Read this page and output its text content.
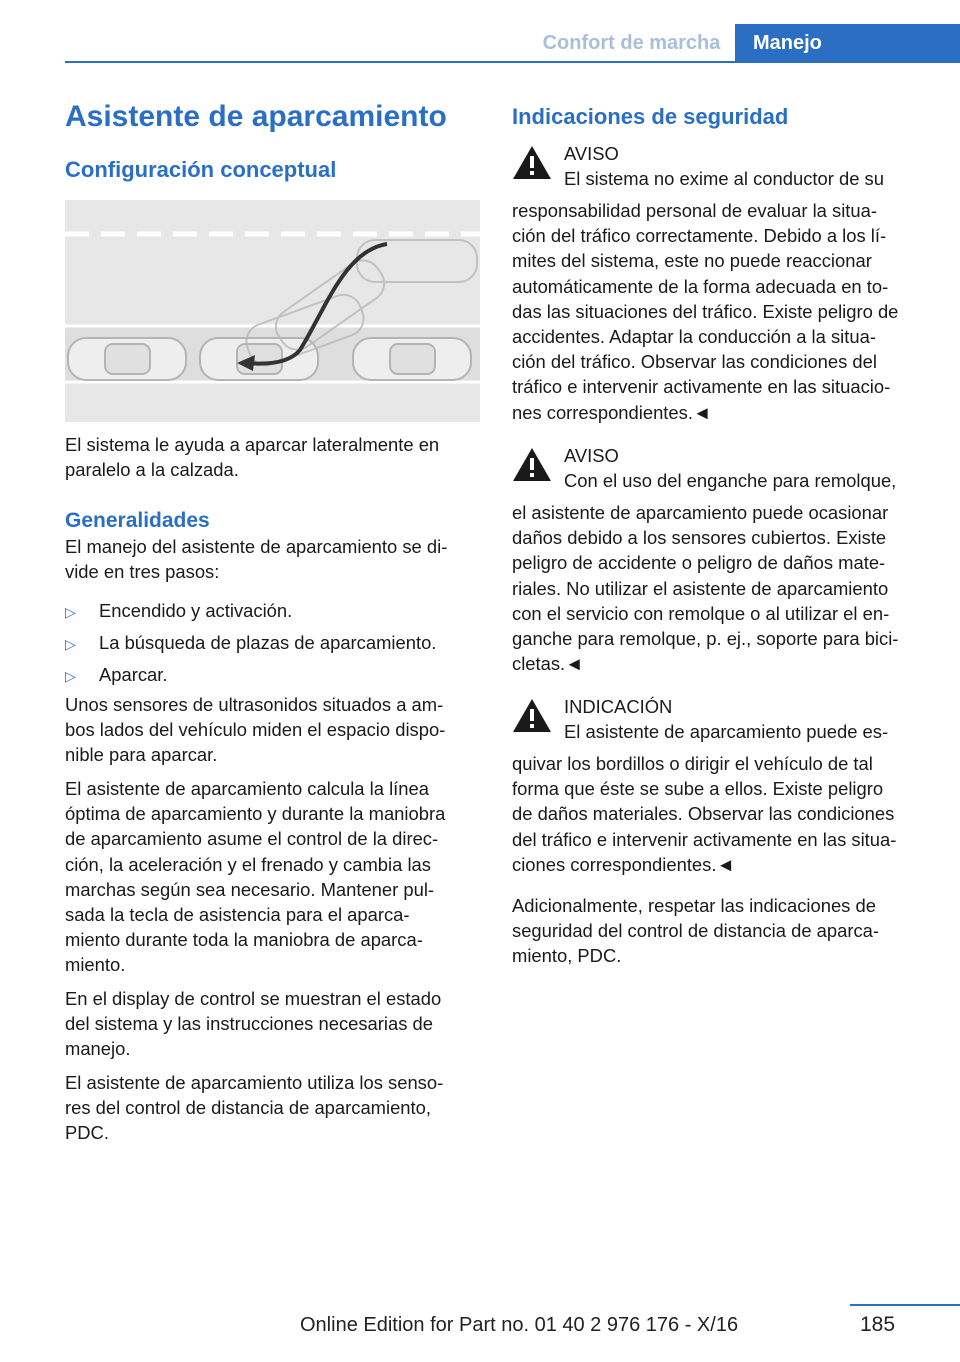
Confort de marcha	Manejo
Asistente de aparcamiento
Configuración conceptual

El sistema le ayuda a aparcar lateralmente en

paralelo a la calzada.

Generalidades

El manejo del asistente de aparcamiento se di-

vide en tres pasos:

▷ Encendido y activación.
▷ La búsqueda de plazas de aparcamiento.
▷ Aparcar.

Unos sensores de ultrasonidos situados a am-

bos lados del vehículo miden el espacio dispo-

nible para aparcar.

El asistente de aparcamiento calcula la línea

óptima de aparcamiento y durante la maniobra

de aparcamiento asume el control de la direc-

ción, la aceleración y el frenado y cambia las

marchas según sea necesario. Mantener pul-

sada la tecla de asistencia para el aparca-

miento durante toda la maniobra de aparca-

miento.

En el display de control se muestran el estado

del sistema y las instrucciones necesarias de

manejo.

El asistente de aparcamiento utiliza los senso-

res del control de distancia de aparcamiento,

PDC.

Indicaciones de seguridad

AVISO

El sistema no exime al conductor de su

responsabilidad personal de evaluar la situa-

ción del tráfico correctamente. Debido a los lí-

mites del sistema, este no puede reaccionar

automáticamente de la forma adecuada en to-

das las situaciones del tráfico. Existe peligro de

accidentes. Adaptar la conducción a la situa-

ción del tráfico. Observar las condiciones del

tráfico e intervenir activamente en las situacio-

nes correspondientes.◄

AVISO

Con el uso del enganche para remolque,

el asistente de aparcamiento puede ocasionar

daños debido a los sensores cubiertos. Existe

peligro de accidente o peligro de daños mate-

riales. No utilizar el asistente de aparcamiento

con el servicio con remolque o al utilizar el en-

ganche para remolque, p. ej., soporte para bici-

cletas.◄

INDICACIÓN

El asistente de aparcamiento puede es-

quivar los bordillos o dirigir el vehículo de tal

forma que éste se sube a ellos. Existe peligro

de daños materiales. Observar las condiciones

del tráfico e intervenir activamente en las situa-

ciones correspondientes.◄

Adicionalmente, respetar las indicaciones de

seguridad del control de distancia de aparca-

miento, PDC.

185
Online Edition for Part no. 01 40 2 976 176 - X/16
